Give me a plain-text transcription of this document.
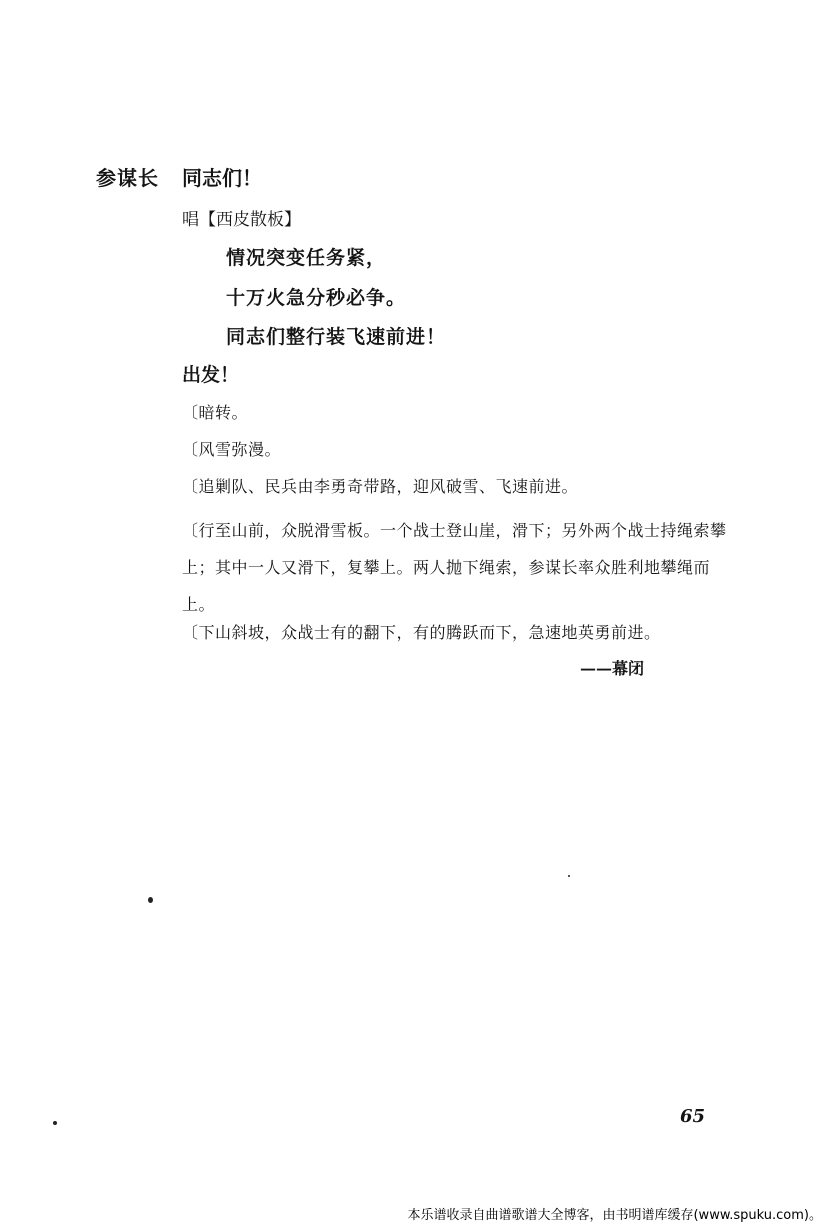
参谋长 同志们！
唱【西皮散板】
情况突变任务紧，
十万火急分秒必争。
同志们整行装飞速前进！
出发！
〔暗转。
〔风雪弥漫。
〔追剿队、民兵由李勇奇带路，迎风破雪、飞速前进。
〔行至山前，众脱滑雪板。一个战士登山崖，滑下；另外两个战士持绳索攀上；其中一人又滑下，复攀上。两人抛下绳索，参谋长率众胜利地攀绳而上。
〔下山斜坡，众战士有的翻下，有的腾跃而下，急速地英勇前进。
——幕闭
65
本乐谱收录自曲谱歌谱大全博客，由书明谱库缓存(www.spuku.com)。
